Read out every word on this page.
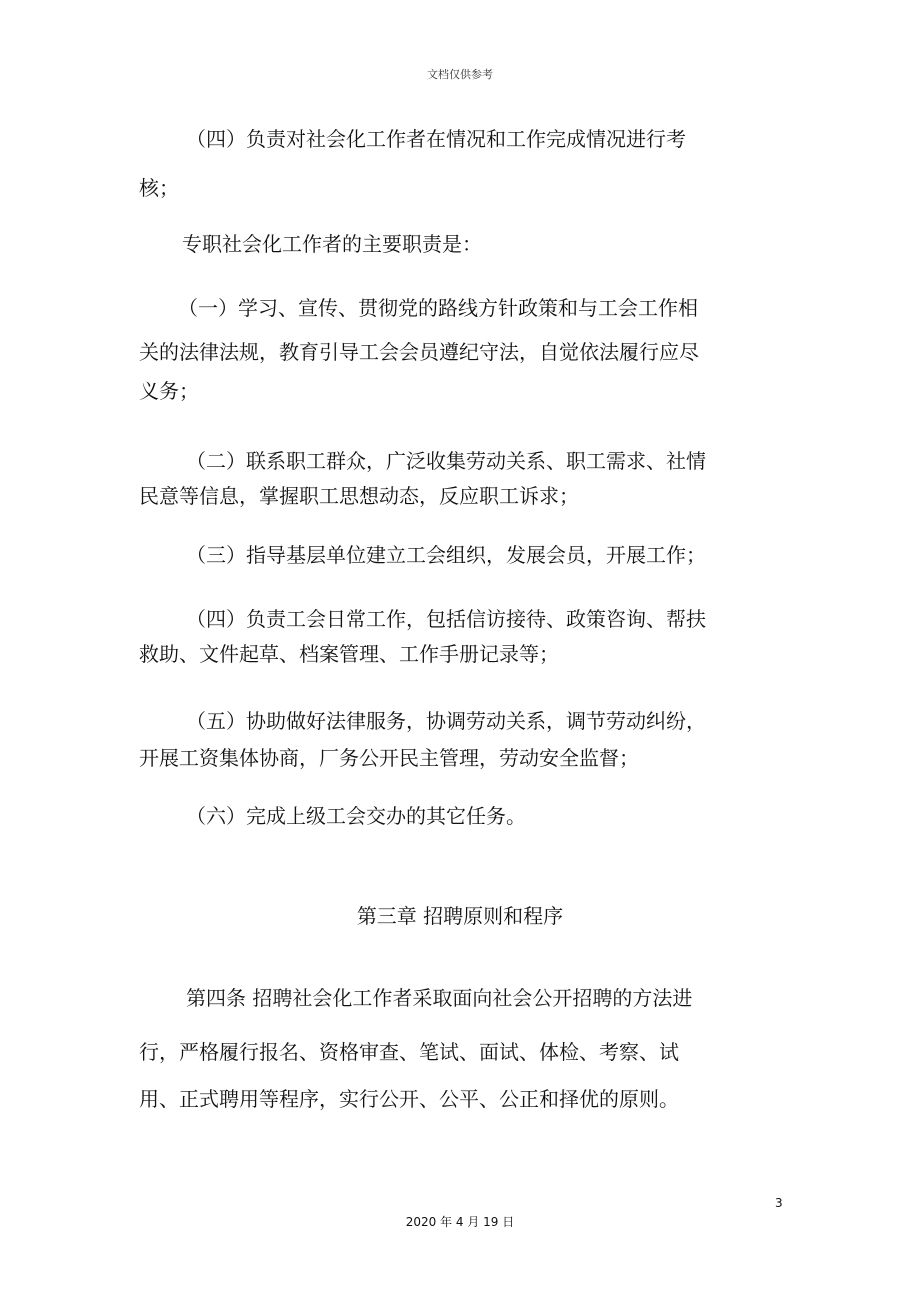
文档仅供参考

（四）负责对社会化工作者在情况和工作完成情况进行考

核；

专职社会化工作者的主要职责是：

（一）学习、宣传、贯彻党的路线方针政策和与工会工作相

关的法律法规，教育引导工会会员遵纪守法，自觉依法履行应尽

义务；

（二）联系职工群众，广泛收集劳动关系、职工需求、社情

民意等信息，掌握职工思想动态，反应职工诉求；

（三）指导基层单位建立工会组织，发展会员，开展工作；

（四）负责工会日常工作，包括信访接待、政策咨询、帮扶

救助、文件起草、档案管理、工作手册记录等；

（五）协助做好法律服务，协调劳动关系，调节劳动纠纷，

开展工资集体协商，厂务公开民主管理，劳动安全监督；

（六）完成上级工会交办的其它任务。

第三章 招聘原则和程序

第四条 招聘社会化工作者采取面向社会公开招聘的方法进

行，严格履行报名、资格审查、笔试、面试、体检、考察、试

用、正式聘用等程序，实行公开、公平、公正和择优的原则。

3
2020 年 4 月 19 日
